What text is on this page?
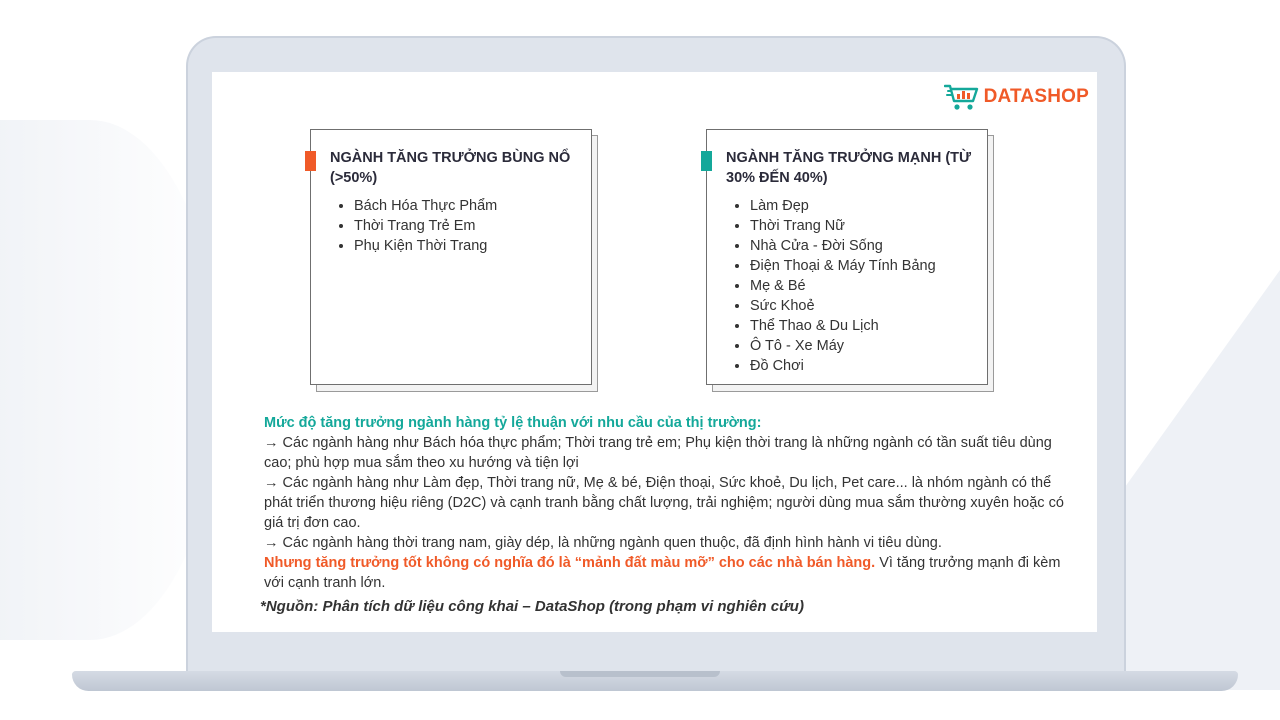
DATASHOP

NGÀNH TĂNG TRƯỞNG BÙNG NỔ (>50%)

• Bách Hóa Thực Phẩm
• Thời Trang Trẻ Em
• Phụ Kiện Thời Trang

NGÀNH TĂNG TRƯỞNG MẠNH (TỪ 30% ĐẾN 40%)

• Làm Đẹp
• Thời Trang Nữ
• Nhà Cửa - Đời Sống
• Điện Thoại & Máy Tính Bảng
• Mẹ & Bé
• Sức Khoẻ
• Thể Thao & Du Lịch
• Ô Tô - Xe Máy
• Đồ Chơi

Mức độ tăng trưởng ngành hàng tỷ lệ thuận với nhu cầu của thị trường:

→ Các ngành hàng như Bách hóa thực phẩm; Thời trang trẻ em; Phụ kiện thời trang là những ngành có tần suất tiêu dùng cao; phù hợp mua sắm theo xu hướng và tiện lợi

→ Các ngành hàng như Làm đẹp, Thời trang nữ, Mẹ & bé, Điện thoại, Sức khoẻ, Du lịch, Pet care... là nhóm ngành có thể phát triển thương hiệu riêng (D2C) và cạnh tranh bằng chất lượng, trải nghiệm; người dùng mua sắm thường xuyên hoặc có giá trị đơn cao.

→ Các ngành hàng thời trang nam, giày dép, là những ngành quen thuộc, đã định hình hành vi tiêu dùng.

Nhưng tăng trưởng tốt không có nghĩa đó là “mảnh đất màu mỡ” cho các nhà bán hàng. Vì tăng trưởng mạnh đi kèm với cạnh tranh lớn.

*Nguồn: Phân tích dữ liệu công khai – DataShop (trong phạm vi nghiên cứu)
